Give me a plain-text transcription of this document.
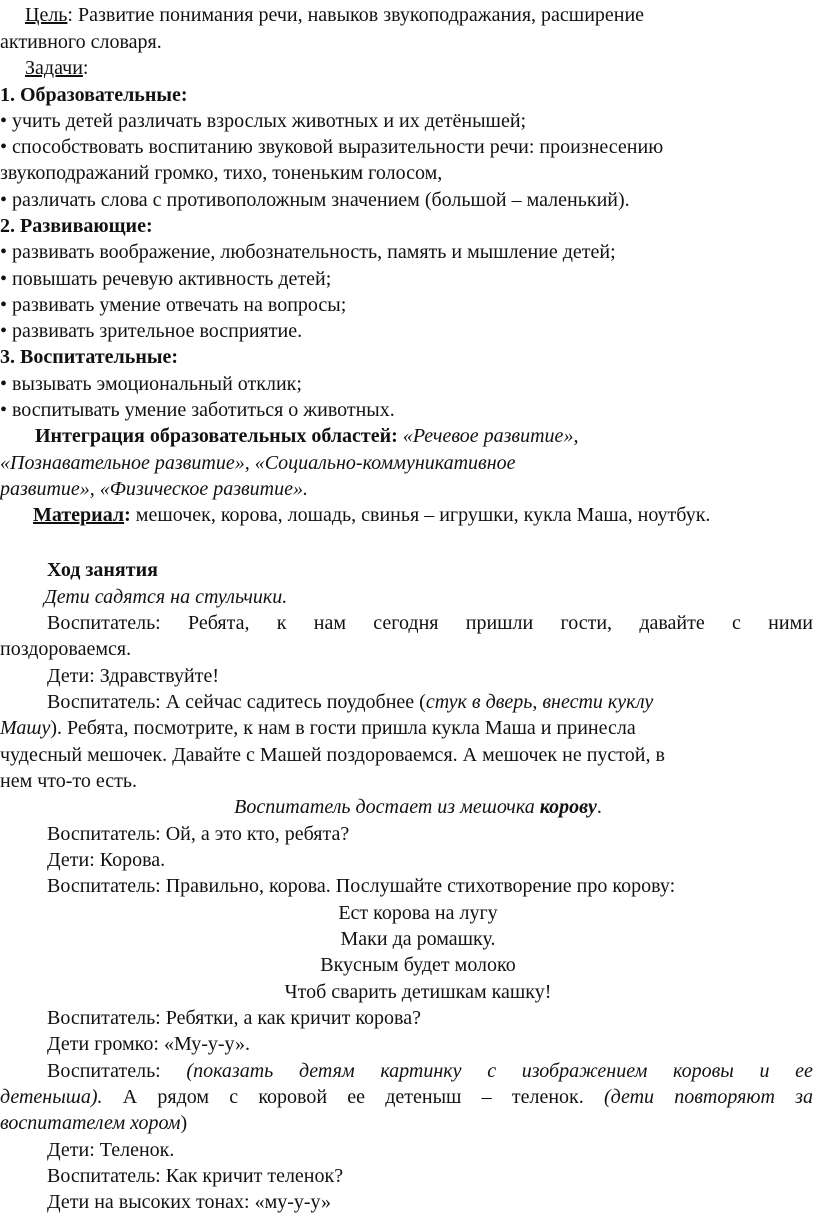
Цель: Развитие понимания речи, навыков звукоподражания, расширение
активного словаря.
Задачи:
1. Образовательные:
• учить детей различать взрослых животных и их детёнышей;
• способствовать воспитанию звуковой выразительности речи: произнесению
звукоподражаний громко, тихо, тоненьким голосом,
• различать слова с противоположным значением (большой – маленький).
2. Развивающие:
• развивать воображение, любознательность, память и мышление детей;
• повышать речевую активность детей;
• развивать умение отвечать на вопросы;
• развивать зрительное восприятие.
3. Воспитательные:
• вызывать эмоциональный отклик;
• воспитывать умение заботиться о животных.
Интеграция образовательных областей: «Речевое развитие»,
«Познавательное развитие», «Социально-коммуникативное
развитие», «Физическое развитие».
Материал: мешочек, корова, лошадь, свинья – игрушки, кукла Маша, ноутбук.
Ход занятия
Дети садятся на стульчики.
Воспитатель: Ребята, к нам сегодня пришли гости, давайте с ними
поздороваемся.
Дети: Здравствуйте!
Воспитатель: А сейчас садитесь поудобнее (стук в дверь, внести куклу
Машу). Ребята, посмотрите, к нам в гости пришла кукла Маша и принесла
чудесный мешочек. Давайте с Машей поздороваемся. А мешочек не пустой, в
нем что-то есть.
Воспитатель достает из мешочка корову.
Воспитатель: Ой, а это кто, ребята?
Дети: Корова.
Воспитатель: Правильно, корова. Послушайте стихотворение про корову:
Ест корова на лугу
Маки да ромашку.
Вкусным будет молоко
Чтоб сварить детишкам кашку!
Воспитатель: Ребятки, а как кричит корова?
Дети громко: «Му-у-у».
Воспитатель: (показать детям картинку с изображением коровы и ее
детеныша). А рядом с коровой ее детеныш – теленок. (дети повторяют за
воспитателем хором)
Дети: Теленок.
Воспитатель: Как кричит теленок?
Дети на высоких тонах: «му-у-у»
